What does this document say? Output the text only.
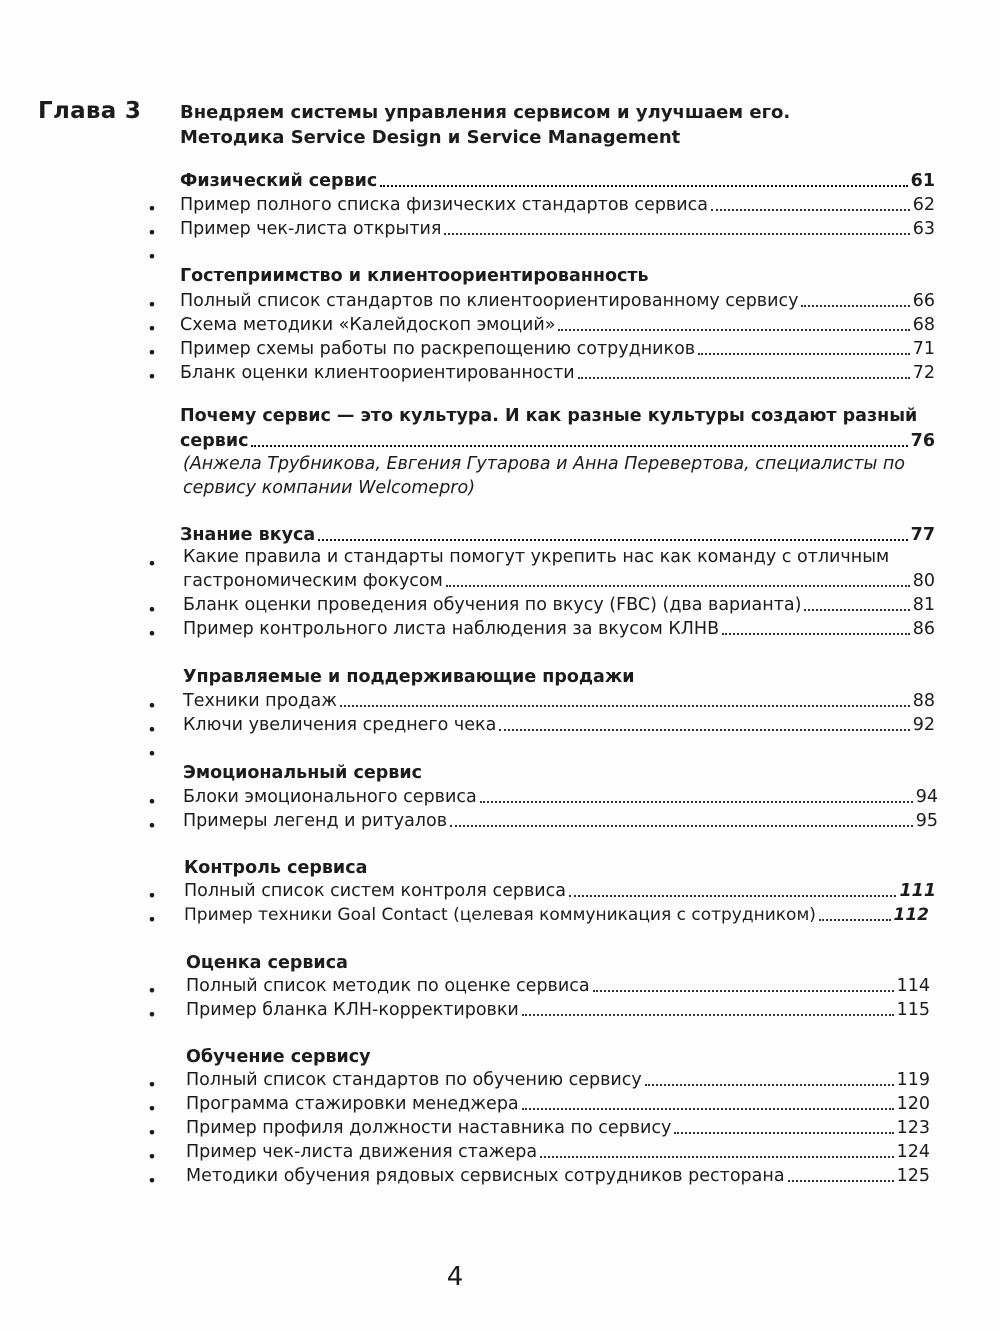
Глава 3 Внедряем системы управления сервисом и улучшаем его.
Методика Service Design и Service Management
Физический сервис	61
• Пример полного списка физических стандартов сервиса	62
• Пример чек-листа открытия	63
•
Гостеприимство и клиентоориентированность
• Полный список стандартов по клиентоориентированному сервису	66
• Схема методики «Калейдоскоп эмоций»	68
• Пример схемы работы по раскрепощению сотрудников	71
• Бланк оценки клиентоориентированности	72
Почему сервис — это культура. И как разные культуры создают разный
сервис	76
(Анжела Трубникова, Евгения Гутарова и Анна Перевертова, специалисты по
сервису компании Welcomepro)
Знание вкуса	77
• Какие правила и стандарты помогут укрепить нас как команду с отличным
гастрономическим фокусом	80
• Бланк оценки проведения обучения по вкусу (FBC) (два варианта)	81
• Пример контрольного листа наблюдения за вкусом КЛНВ	86
Управляемые и поддерживающие продажи
• Техники продаж	88
• Ключи увеличения среднего чека	92
•
Эмоциональный сервис
• Блоки эмоционального сервиса	94
• Примеры легенд и ритуалов	95
Контроль сервиса
• Полный список систем контроля сервиса	111
• Пример техники Goal Contact (целевая коммуникация с сотрудником)	112
Оценка сервиса
• Полный список методик по оценке сервиса	114
• Пример бланка КЛН-корректировки	115
Обучение сервису
• Полный список стандартов по обучению сервису	119
• Программа стажировки менеджера	120
• Пример профиля должности наставника по сервису	123
• Пример чек-листа движения стажера	124
• Методики обучения рядовых сервисных сотрудников ресторана	125
4
